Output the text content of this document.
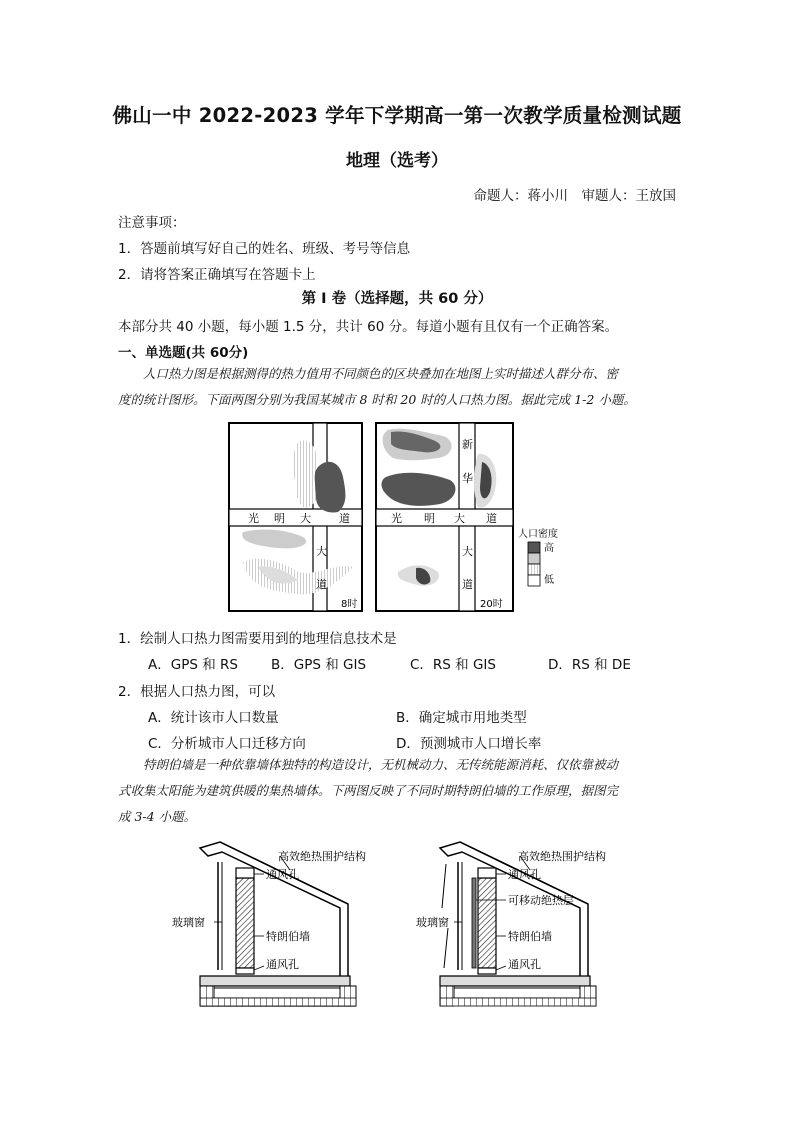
佛山一中 2022-2023 学年下学期高一第一次教学质量检测试题
地理（选考）
命题人：蒋小川　审题人：王放国
注意事项：
1．答题前填写好自己的姓名、班级、考号等信息
2．请将答案正确填写在答题卡上
第 I 卷（选择题，共 60 分）
本部分共 40 小题，每小题 1.5 分，共计 60 分。每道小题有且仅有一个正确答案。
一、单选题(共 60分)
人口热力图是根据测得的热力值用不同颜色的区块叠加在地图上实时描述人群分布、密
度的统计图形。下面两图分别为我国某城市 8 时和 20 时的人口热力图。据此完成 1-2 小题。
光 明 大	道
大
道
8时
新
华
光 明 大 道
大
道
20时
人口密度
高
低
1．绘制人口热力图需要用到的地理信息技术是
A．GPS 和 RS B．GPS 和 GIS	C．RS 和 GIS	D．RS 和 DE
2．根据人口热力图，可以
A．统计该市人口数量	B．确定城市用地类型
C．分析城市人口迁移方向	D．预测城市人口增长率
特朗伯墙是一种依靠墙体独特的构造设计，无机械动力、无传统能源消耗、仅依靠被动
式收集太阳能为建筑供暖的集热墙体。下两图反映了不同时期特朗伯墙的工作原理，据图完
成 3-4 小题。
高效绝热围护结构
通风孔
玻璃窗
特朗伯墙
通风孔
高效绝热围护结构
通风孔
可移动绝热层
玻璃窗
特朗伯墙
通风孔
